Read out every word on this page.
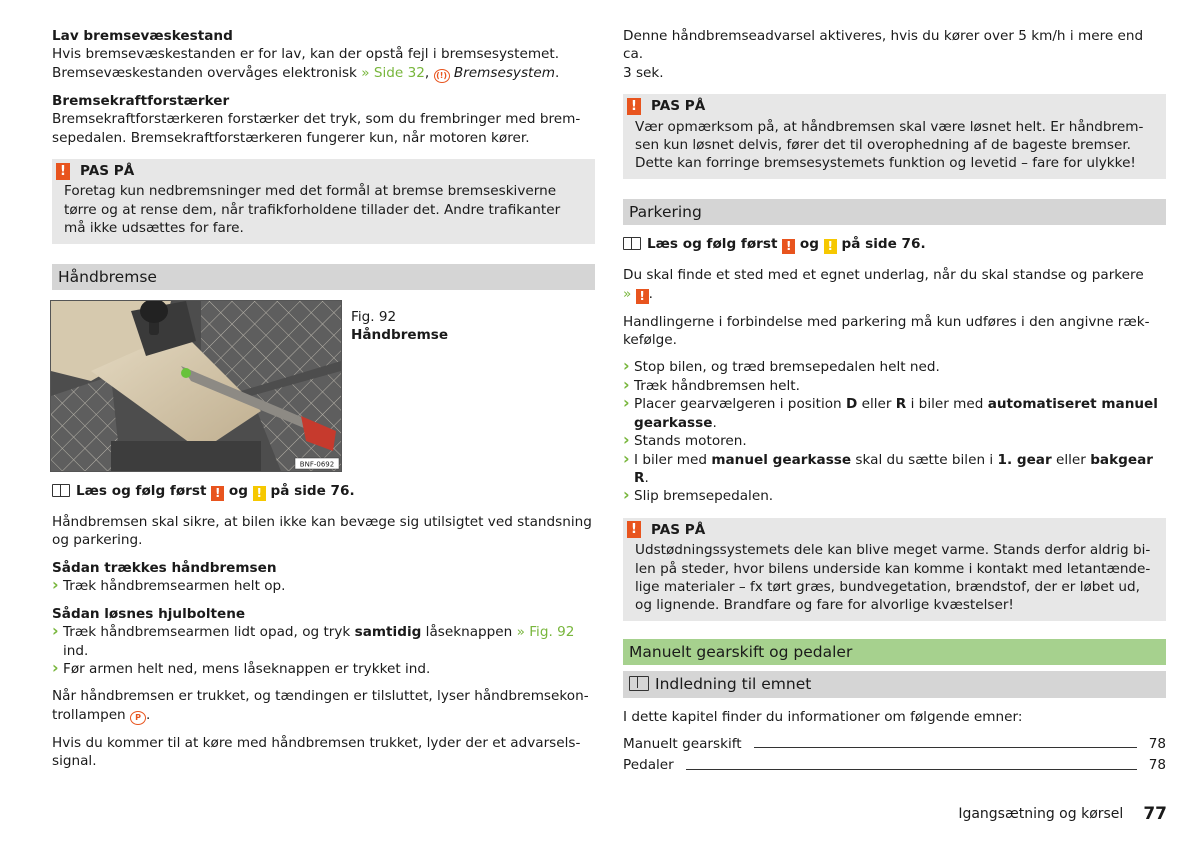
Lav bremsevæskestand

Hvis bremsevæskestanden er for lav, kan der opstå fejl i bremsesystemet.

Bremsevæskestanden overvåges elektronisk » Side 32, (!) Bremsesystem.

Bremsekraftforstærker

Bremsekraftforstærkeren forstærker det tryk, som du frembringer med brem-

sepedalen. Bremsekraftforstærkeren fungerer kun, når motoren kører.

! PAS PÅ

Foretag kun nedbremsninger med det formål at bremse bremseskiverne

tørre og at rense dem, når trafikforholdene tillader det. Andre trafikanter

må ikke udsættes for fare.

Håndbremse
BNF-0692

Fig. 92

Håndbremse

Læs og følg først ! og ! på side 76.

Håndbremsen skal sikre, at bilen ikke kan bevæge sig utilsigtet ved standsning

og parkering.

Sådan trækkes håndbremsen

› Træk håndbremsearmen helt op.

Sådan løsnes hjulboltene

› Træk håndbremsearmen lidt opad, og tryk samtidig låseknappen » Fig. 92
ind.

› Før armen helt ned, mens låseknappen er trykket ind.

Når håndbremsen er trukket, og tændingen er tilsluttet, lyser håndbremsekon-

trollampen P .

Hvis du kommer til at køre med håndbremsen trukket, lyder der et advarsels-

signal.

Denne håndbremseadvarsel aktiveres, hvis du kører over 5 km/h i mere end ca.

3 sek.

! PAS PÅ

Vær opmærksom på, at håndbremsen skal være løsnet helt. Er håndbrem-

sen kun løsnet delvis, fører det til overophedning af de bageste bremser.

Dette kan forringe bremsesystemets funktion og levetid – fare for ulykke!

Parkering

Læs og følg først ! og ! på side 76.

Du skal finde et sted med et egnet underlag, når du skal standse og parkere

» ! .

Handlingerne i forbindelse med parkering må kun udføres i den angivne ræk-

kefølge.

› Stop bilen, og træd bremsepedalen helt ned.

› Træk håndbremsen helt.

› Placer gearvælgeren i position D eller R i biler med automatiseret manuel
gearkasse.

› Stands motoren.

› I biler med manuel gearkasse skal du sætte bilen i 1. gear eller bakgear R.

› Slip bremsepedalen.

! PAS PÅ

Udstødningssystemets dele kan blive meget varme. Stands derfor aldrig bi-

len på steder, hvor bilens underside kan komme i kontakt med letantænde-

lige materialer – fx tørt græs, bundvegetation, brændstof, der er løbet ud,

og lignende. Brandfare og fare for alvorlige kvæstelser!

Manuelt gearskift og pedaler
Indledning til emnet

I dette kapitel finder du informationer om følgende emner:

Manuelt gearskift	78
Pedaler	78
Igangsætning og kørsel 77
